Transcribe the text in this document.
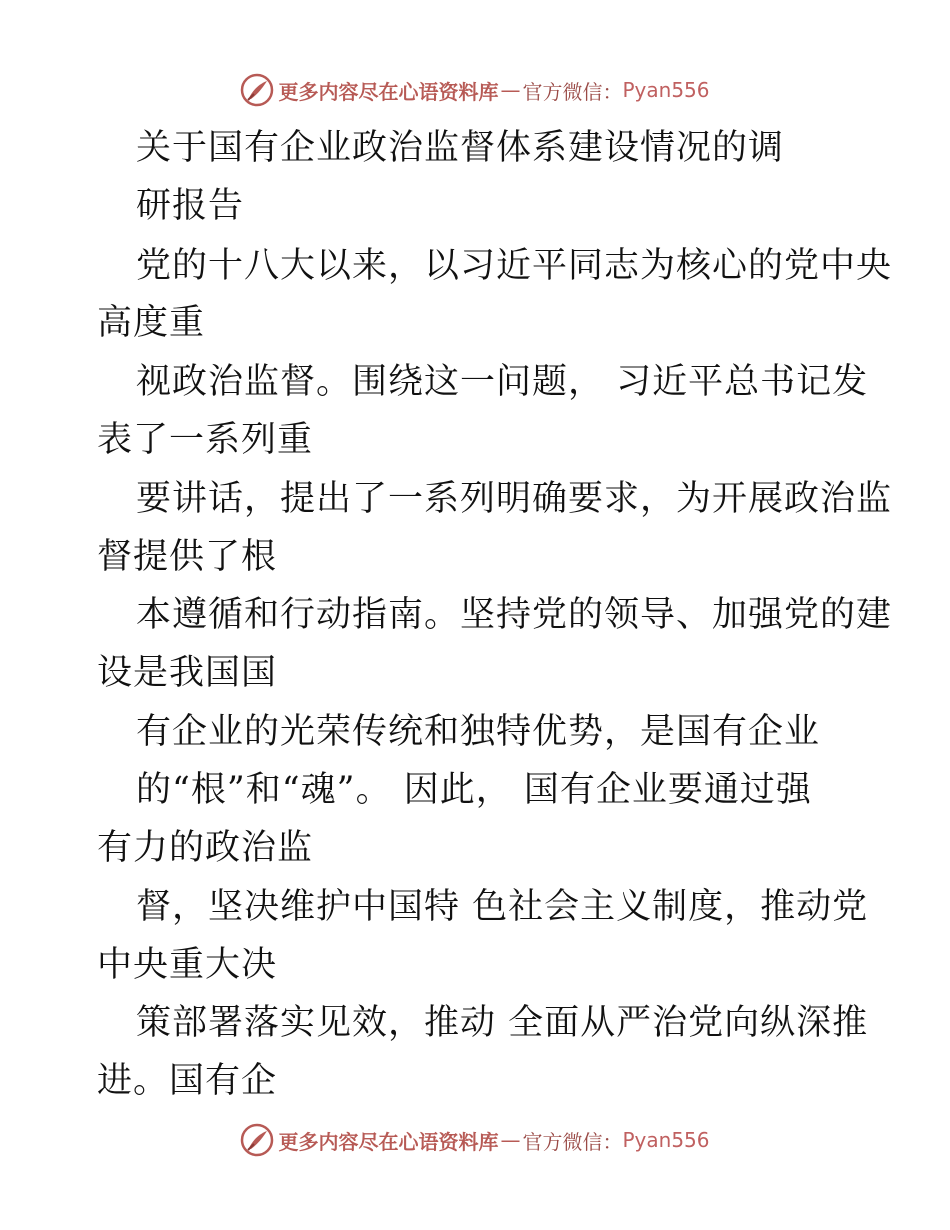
更多内容尽在心语资料库 — 官方微信： Pyan556
关于国有企业政治监督体系建设情况的调
研报告
党的十八大以来，以习近平同志为核心的党中央
高度重
视政治监督。围绕这一问题， 习近平总书记发
表了一系列重
要讲话，提出了一系列明确要求，为开展政治监
督提供了根
本遵循和行动指南。坚持党的领导、加强党的建
设是我国国
有企业的光荣传统和独特优势，是国有企业
的“根”和“魂”。 因此， 国有企业要通过强
有力的政治监
督，坚决维护中国特 色社会主义制度，推动党
中央重大决
策部署落实见效，推动 全面从严治党向纵深推
进。国有企
更多内容尽在心语资料库 — 官方微信： Pyan556
